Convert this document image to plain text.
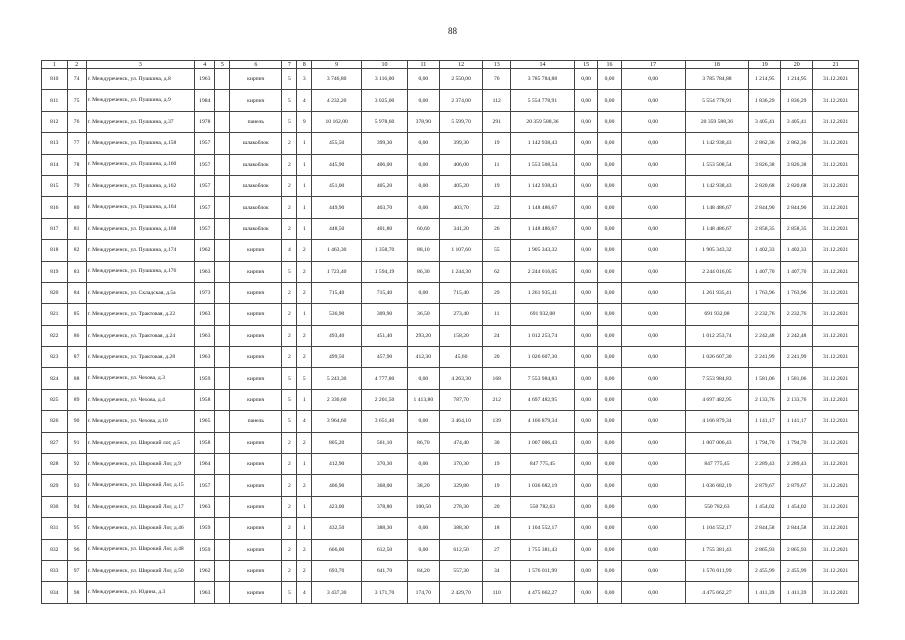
88
1	2	3	4	5	6	7	8	9	10	11	12	13	14	15	16	17	18	19	20	21
810	74	г. Междуреченск, ул. Пушкина, д.8	1963		кирпич	5	3	3 746,80	3 116,00	0,00	2 550,00	76	3 785 784,88	0,00	0,00	0,00	3 785 784,88	1 214,95	1 214,95	31.12.2021
811	75	г. Междуреченск, ул. Пушкина, д.9	1984		кирпич	5	4	4 232,20	3 025,00	0,00	2 374,00	112	5 554 778,91	0,00	0,00	0,00	5 554 778,91	1 836,29	1 836,29	31.12.2021
812	76	г. Междуреченск, ул. Пушкина, д.37	1978		панель	5	9	10 162,00	5 978,60	378,90	5 599,70	291	20 359 588,36	0,00	0,00	0,00	20 359 588,36	3 405,41	3 405,41	31.12.2021
813	77	г. Междуреченск, ул. Пушкина, д.158	1957		шлакоблок	2	1	455,50	399,30	0,00	399,30	19	1 142 938,43	0,00	0,00	0,00	1 142 938,43	2 862,36	2 862,36	31.12.2021
814	78	г. Междуреченск, ул. Пушкина, д.160	1957		шлакоблок	2	1	445,90	406,00	0,00	406,00	11	1 553 508,54	0,00	0,00	0,00	1 553 508,54	3 826,38	3 826,38	31.12.2021
815	79	г. Междуреченск, ул. Пушкина, д.162	1957		шлакоблок	2	1	451,00	405,20	0,00	405,20	19	1 142 938,43	0,00	0,00	0,00	1 142 938,43	2 820,68	2 820,68	31.12.2021
816	80	г. Междуреченск, ул. Пушкина, д.164	1957		шлакоблок	2	1	449,90	403,70	0,00	403,70	22	1 148 486,67	0,00	0,00	0,00	1 148 486,67	2 844,90	2 844,90	31.12.2021
817	81	г. Междуреченск, ул. Пушкина, д.168	1957		шлакоблок	2	1	448,50	401,80	60,60	341,20	26	1 148 486,67	0,00	0,00	0,00	1 148 486,67	2 858,35	2 858,35	31.12.2021
818	82	г. Междуреченск, ул. Пушкина, д.174	1962		кирпич	4	2	1 463,30	1 358,70	88,10	1 107,60	55	1 905 343,32	0,00	0,00	0,00	1 905 343,32	1 402,33	1 402,33	31.12.2021
819	83	г. Междуреченск, ул. Пушкина, д.176	1963		кирпич	5	2	1 723,40	1 594,19	86,30	1 244,30	62	2 244 016,05	0,00	0,00	0,00	2 244 016,05	1 407,70	1 407,70	31.12.2021
820	84	г. Междуреченск, ул. Складская, д.5а	1973		кирпич	2	2	715,40	715,40	0,00	715,40	29	1 261 935,41	0,00	0,00	0,00	1 261 935,41	1 763,96	1 763,96	31.12.2021
821	85	г. Междуреченск, ул. Трактовая, д.22	1963		кирпич	2	1	536,90	309,90	36,50	273,40	11	691 932,08	0,00	0,00	0,00	691 932,08	2 232,76	2 232,76	31.12.2021
822	86	г. Междуреченск, ул. Трактовая, д.24	1963		кирпич	2	2	493,40	451,40	293,20	158,20	24	1 012 253,74	0,00	0,00	0,00	1 012 253,74	2 242,48	2 242,48	31.12.2021
823	87	г. Междуреченск, ул. Трактовая, д.28	1963		кирпич	2	2	499,50	457,90	412,30	45,60	20	1 026 607,30	0,00	0,00	0,00	1 026 607,30	2 241,99	2 241,99	31.12.2021
824	88	г. Междуреченск, ул. Чехова, д.3	1959		кирпич	5	5	5 243,30	4 777,80	0,00	4 263,30	168	7 553 984,83	0,00	0,00	0,00	7 553 984,83	1 581,06	1 581,06	31.12.2021
825	89	г. Междуреченск, ул. Чехова, д.4	1958		кирпич	5	1	2 330,60	2 201,50	1 413,80	787,70	212	4 697 482,95	0,00	0,00	0,00	4 697 482,95	2 133,76	2 133,76	31.12.2021
826	90	г. Междуреченск, ул. Чехова, д.10	1965		панель	5	4	3 964,60	3 651,40	0,00	3 464,10	139	4 166 879,34	0,00	0,00	0,00	4 166 879,34	1 141,17	1 141,17	31.12.2021
827	91	г. Междуреченск, ул. Широкий лог, д.5	1958		кирпич	2	2	805,20	561,10	86,70	474,40	30	1 007 006,43	0,00	0,00	0,00	1 007 006,43	1 794,70	1 794,70	31.12.2021
828	92	г. Междуреченск, ул. Широкий Лог, д.9	1964		кирпич	2	1	412,90	370,30	0,00	370,30	19	847 775,45	0,00	0,00	0,00	847 775,45	2 289,43	2 289,43	31.12.2021
829	93	г. Междуреченск, ул. Широкий Лог, д.15	1957		кирпич	2	2	406,90	368,00	38,20	329,80	19	1 036 682,19	0,00	0,00	0,00	1 036 682,19	2 879,67	2 879,67	31.12.2021
830	94	г. Междуреченск, ул. Широкий Лог, д.17	1963		кирпич	2	1	423,00	378,80	100,50	278,30	20	550 782,63	0,00	0,00	0,00	550 782,63	1 454,02	1 454,02	31.12.2021
831	95	г. Междуреченск, ул. Широкий Лог, д.46	1959		кирпич	2	1	432,50	388,30	0,00	388,30	18	1 104 552,17	0,00	0,00	0,00	1 104 552,17	2 844,58	2 844,58	31.12.2021
832	96	г. Междуреченск, ул. Широкий Лог, д.48	1959		кирпич	2	2	666,00	612,50	0,00	612,50	27	1 755 381,43	0,00	0,00	0,00	1 755 381,43	2 865,93	2 865,93	31.12.2021
833	97	г. Междуреченск, ул. Широкий Лог, д.50	1962		кирпич	2	2	693,70	641,70	84,20	557,30	34	1 576 011,99	0,00	0,00	0,00	1 576 011,99	2 455,99	2 455,99	31.12.2021
834	98	г. Междуреченск, ул. Юдина, д.3	1963		кирпич	5	4	3 437,30	3 171,70	174,70	2 429,70	110	4 475 662,27	0,00	0,00	0,00	4 475 662,27	1 411,39	1 411,39	31.12.2021
